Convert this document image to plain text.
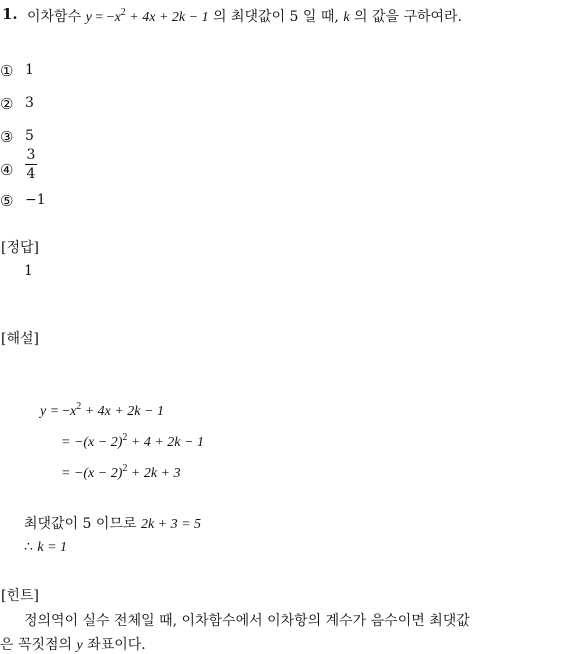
1. 이차함수 $y = -x^2 + 4x + 2k - 1$ 의 최댓값이 5 일 때, k 의 값을 구하여라.
① 1
② 3
③ 5
④ $\frac{3}{4}$
⑤ −1
[정답]
1
[해설]
$y = -x^2 + 4x + 2k - 1$
= $-(x - 2)^2 + 4 + 2k - 1$
= $-(x - 2)^2 + 2k + 3$
최댓값이 5 이므로 2k + 3 = 5
∴ k = 1
[힌트]
정의역이 실수 전체일 때, 이차함수에서 이차항의 계수가 음수이면 최댓값
은 꼭짓점의 y 좌표이다.
